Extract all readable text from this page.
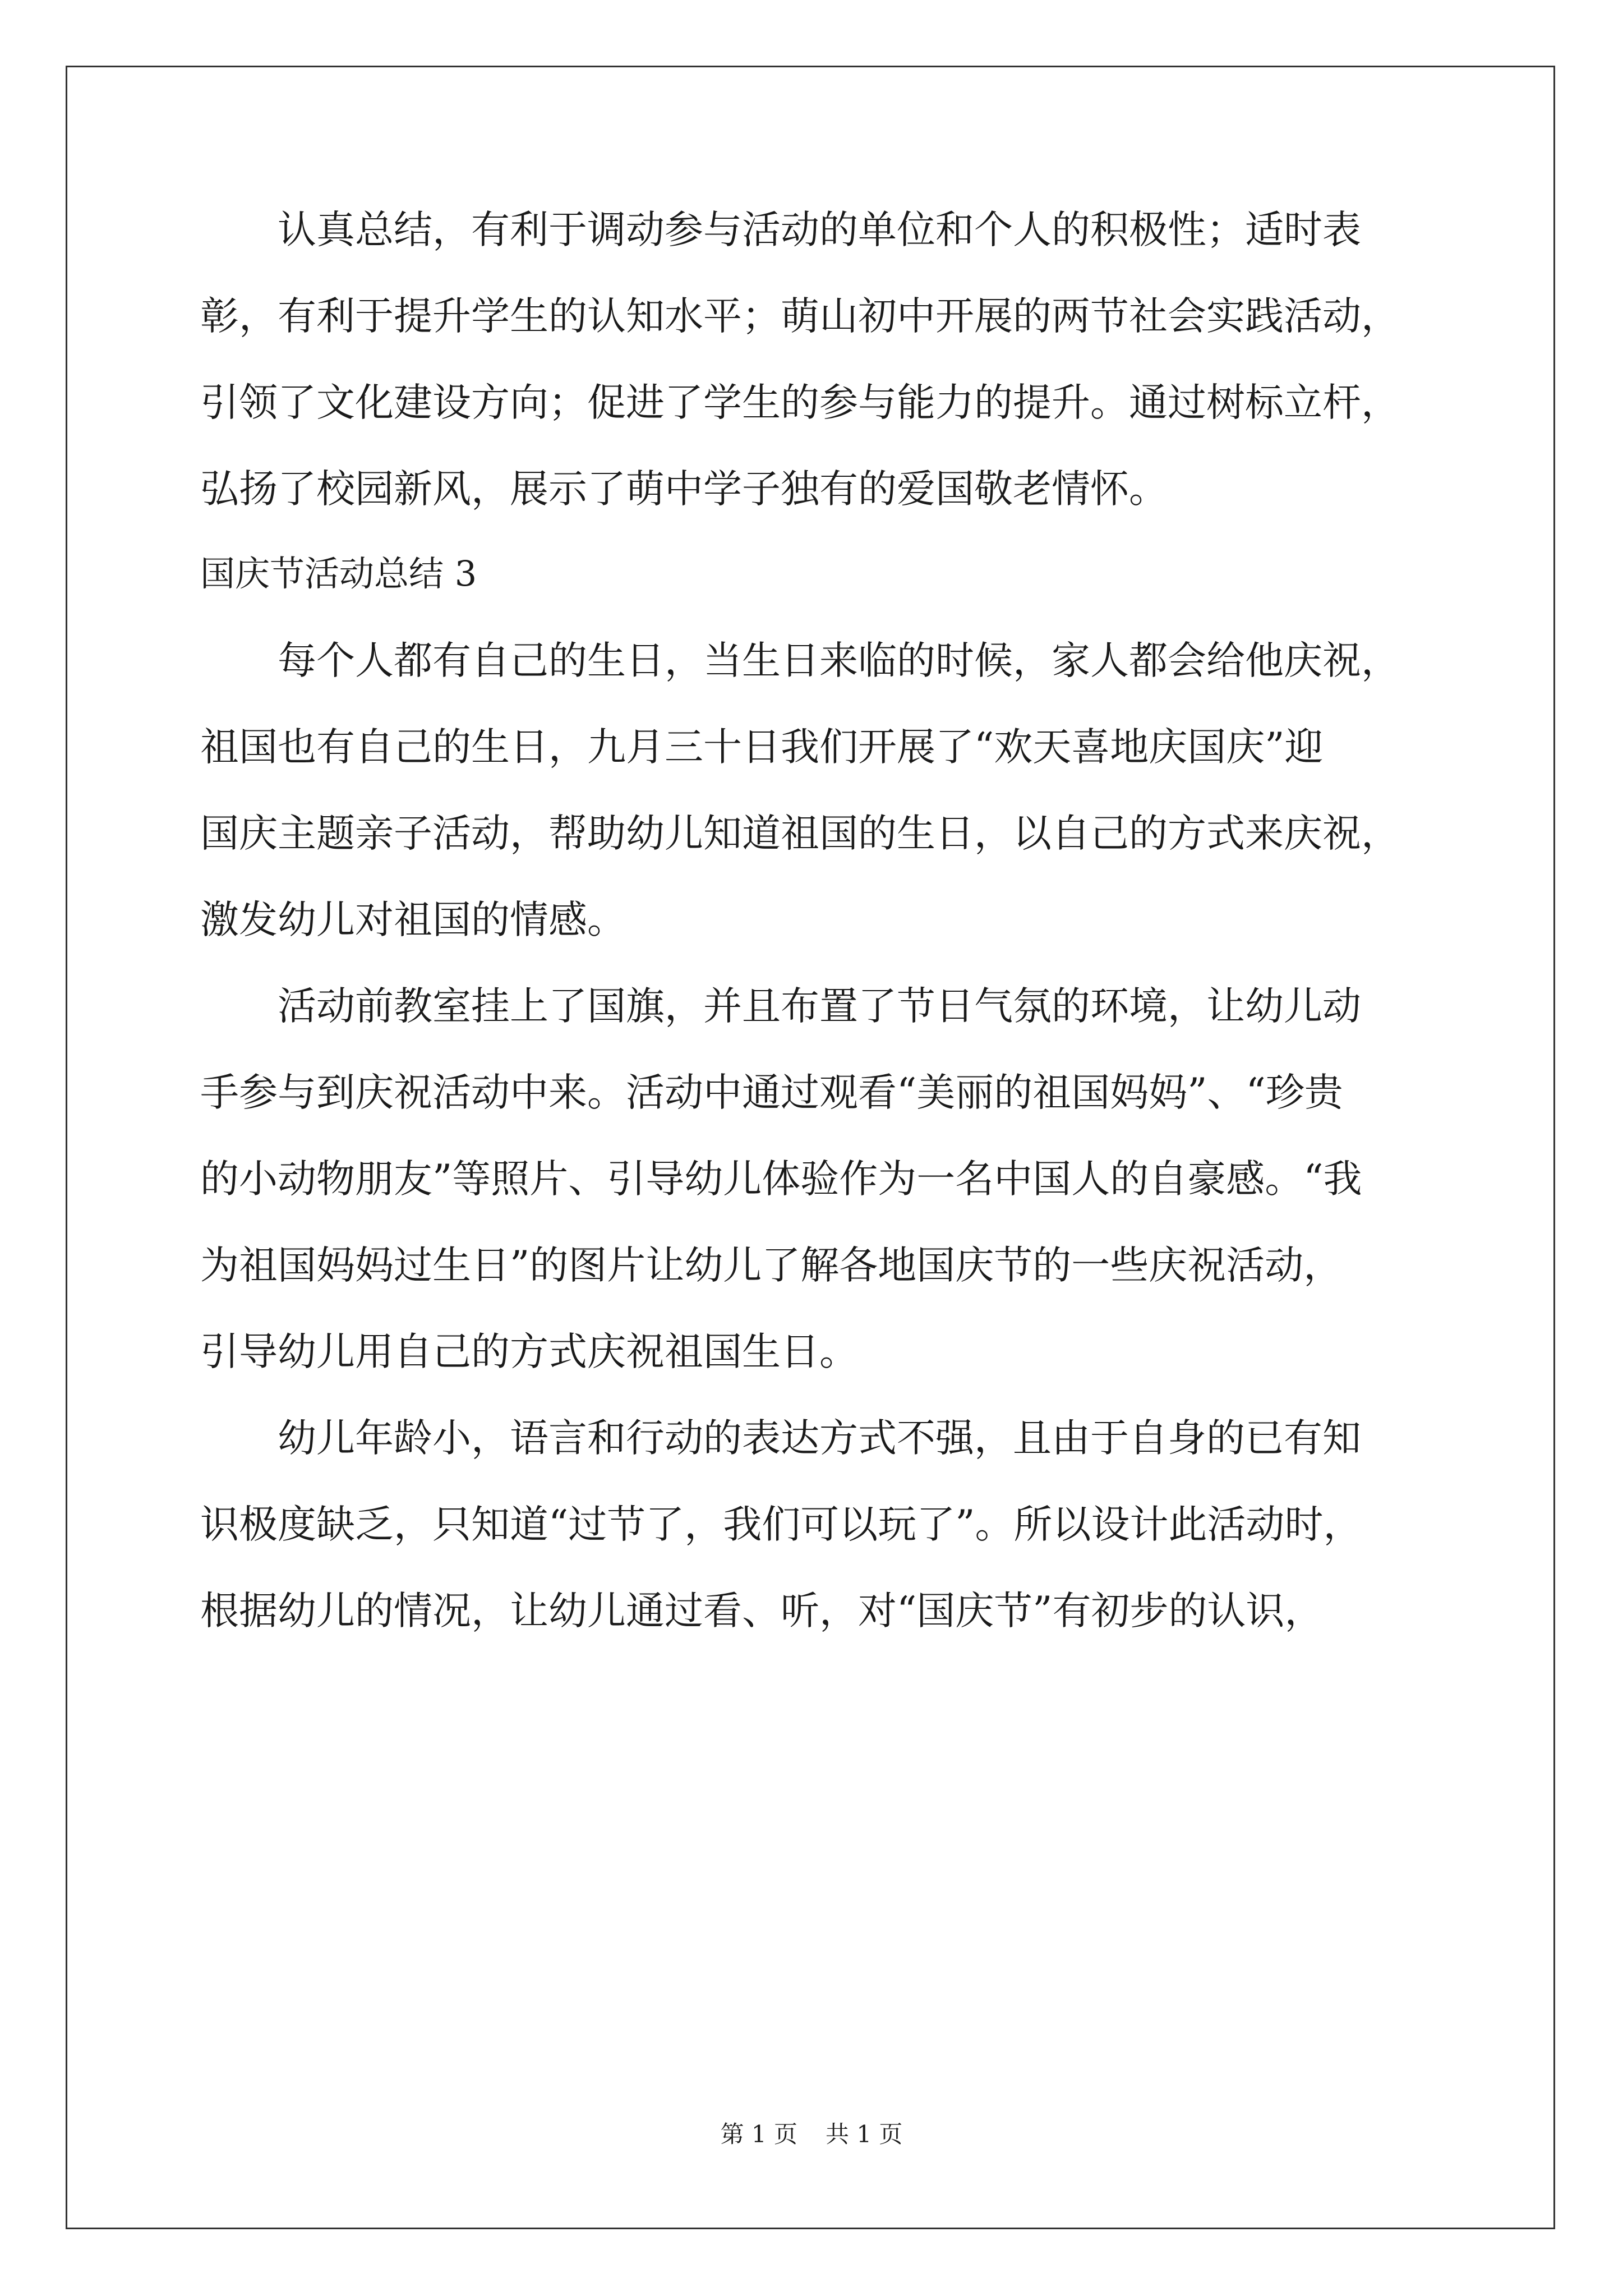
　　认真总结，有利于调动参与活动的单位和个人的积极性；适时表
彰，有利于提升学生的认知水平；萌山初中开展的两节社会实践活动，
引领了文化建设方向；促进了学生的参与能力的提升。通过树标立杆，
弘扬了校园新风，展示了萌中学子独有的爱国敬老情怀。
国庆节活动总结 3
　　每个人都有自己的生日，当生日来临的时候，家人都会给他庆祝，
祖国也有自己的生日，九月三十日我们开展了“欢天喜地庆国庆”迎
国庆主题亲子活动，帮助幼儿知道祖国的生日，以自己的方式来庆祝，
激发幼儿对祖国的情感。
　　活动前教室挂上了国旗，并且布置了节日气氛的环境，让幼儿动
手参与到庆祝活动中来。活动中通过观看“美丽的祖国妈妈”、“珍贵
的小动物朋友”等照片、引导幼儿体验作为一名中国人的自豪感。“我
为祖国妈妈过生日”的图片让幼儿了解各地国庆节的一些庆祝活动，
引导幼儿用自己的方式庆祝祖国生日。
　　幼儿年龄小，语言和行动的表达方式不强，且由于自身的已有知
识极度缺乏，只知道“过节了，我们可以玩了”。所以设计此活动时，
根据幼儿的情况，让幼儿通过看、听，对“国庆节”有初步的认识，
第 1 页 共 1 页
